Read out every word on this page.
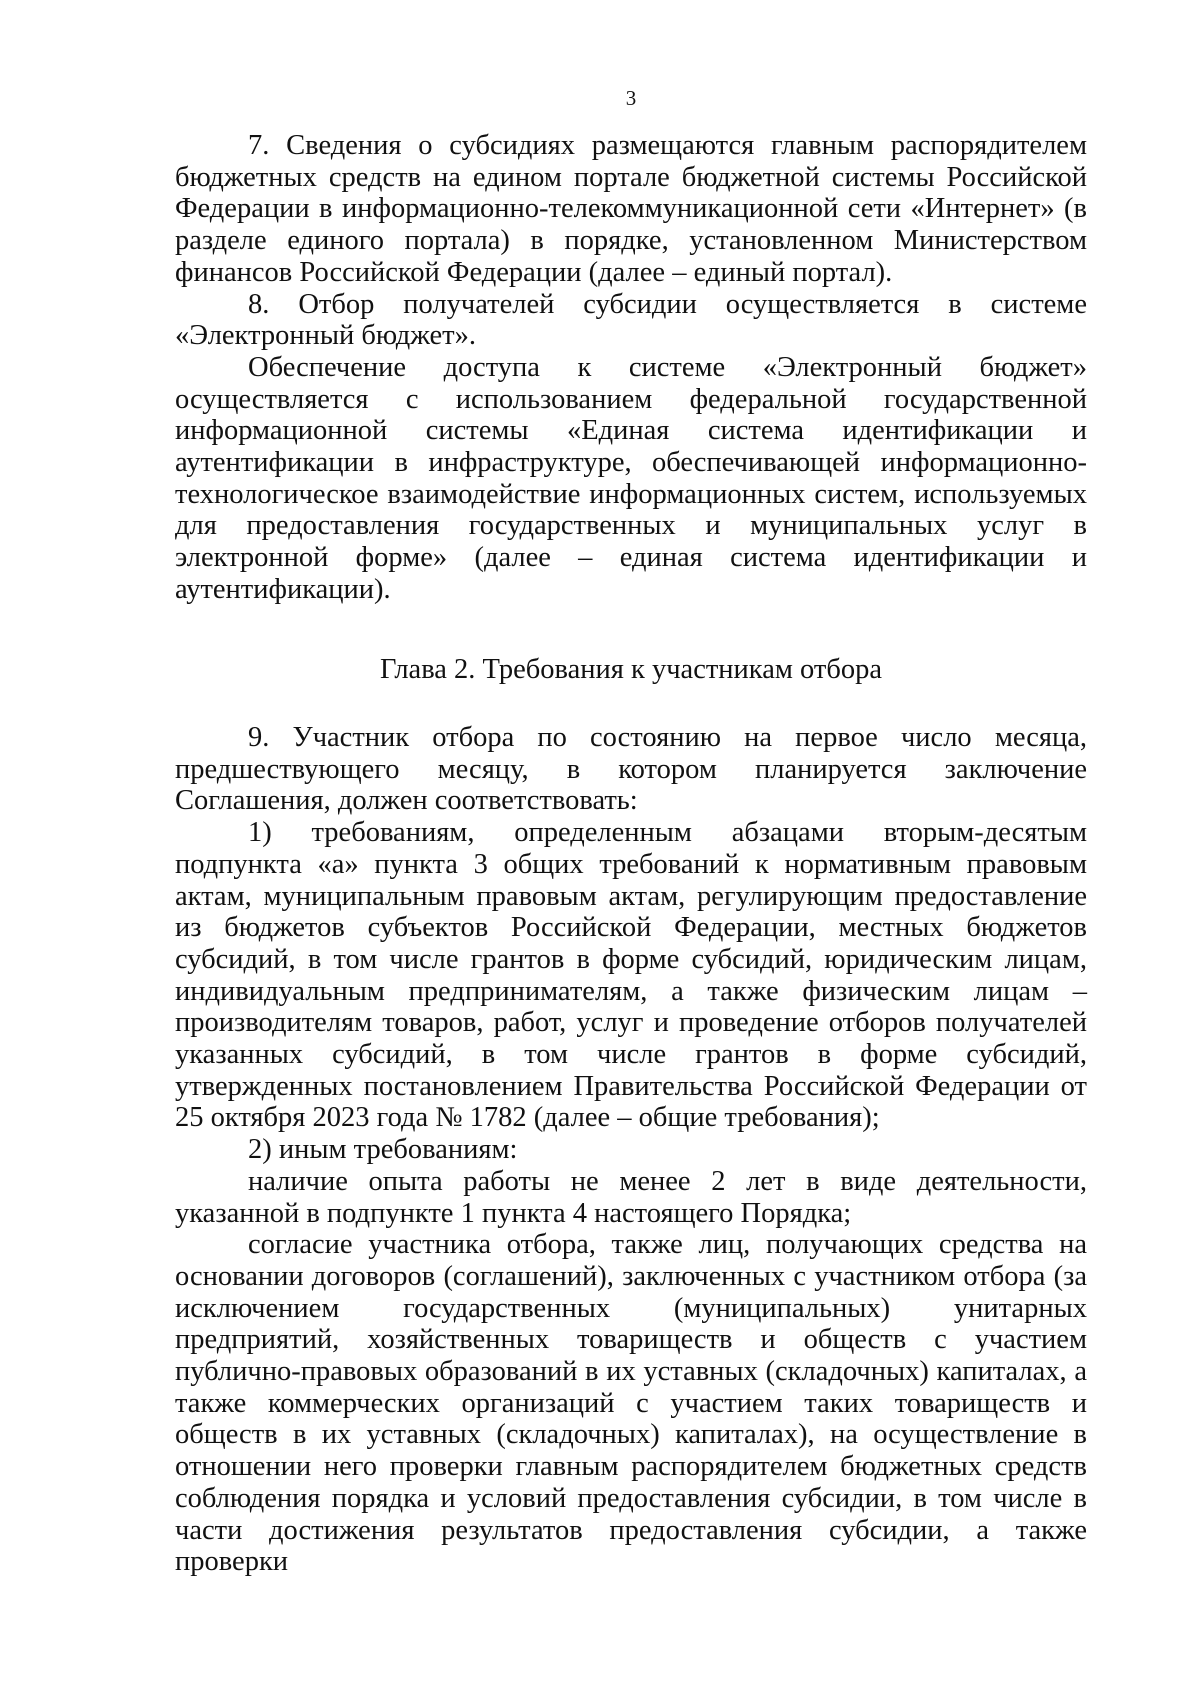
3

7. Сведения о субсидиях размещаются главным распорядителем бюджетных средств на едином портале бюджетной системы Российской Федерации в информационно-телекоммуникационной сети «Интернет» (в разделе единого портала) в порядке, установленном Министерством финансов Российской Федерации (далее – единый портал).

8. Отбор получателей субсидии осуществляется в системе «Электронный бюджет».

Обеспечение доступа к системе «Электронный бюджет» осуществляется с использованием федеральной государственной информационной системы «Единая система идентификации и аутентификации в инфраструктуре, обеспечивающей информационно-технологическое взаимодействие информационных систем, используемых для предоставления государственных и муниципальных услуг в электронной форме» (далее – единая система идентификации и аутентификации).

Глава 2. Требования к участникам отбора

9. Участник отбора по состоянию на первое число месяца, предшествующего месяцу, в котором планируется заключение Соглашения, должен соответствовать:

1) требованиям, определенным абзацами вторым-десятым подпункта «а» пункта 3 общих требований к нормативным правовым актам, муниципальным правовым актам, регулирующим предоставление из бюджетов субъектов Российской Федерации, местных бюджетов субсидий, в том числе грантов в форме субсидий, юридическим лицам, индивидуальным предпринимателям, а также физическим лицам – производителям товаров, работ, услуг и проведение отборов получателей указанных субсидий, в том числе грантов в форме субсидий, утвержденных постановлением Правительства Российской Федерации от 25 октября 2023 года № 1782 (далее – общие требования);

2) иным требованиям:

наличие опыта работы не менее 2 лет в виде деятельности, указанной в подпункте 1 пункта 4 настоящего Порядка;

согласие участника отбора, также лиц, получающих средства на основании договоров (соглашений), заключенных с участником отбора (за исключением государственных (муниципальных) унитарных предприятий, хозяйственных товариществ и обществ с участием публично-правовых образований в их уставных (складочных) капиталах, а также коммерческих организаций с участием таких товариществ и обществ в их уставных (складочных) капиталах), на осуществление в отношении него проверки главным распорядителем бюджетных средств соблюдения порядка и условий предоставления субсидии, в том числе в части достижения результатов предоставления субсидии, а также проверки
